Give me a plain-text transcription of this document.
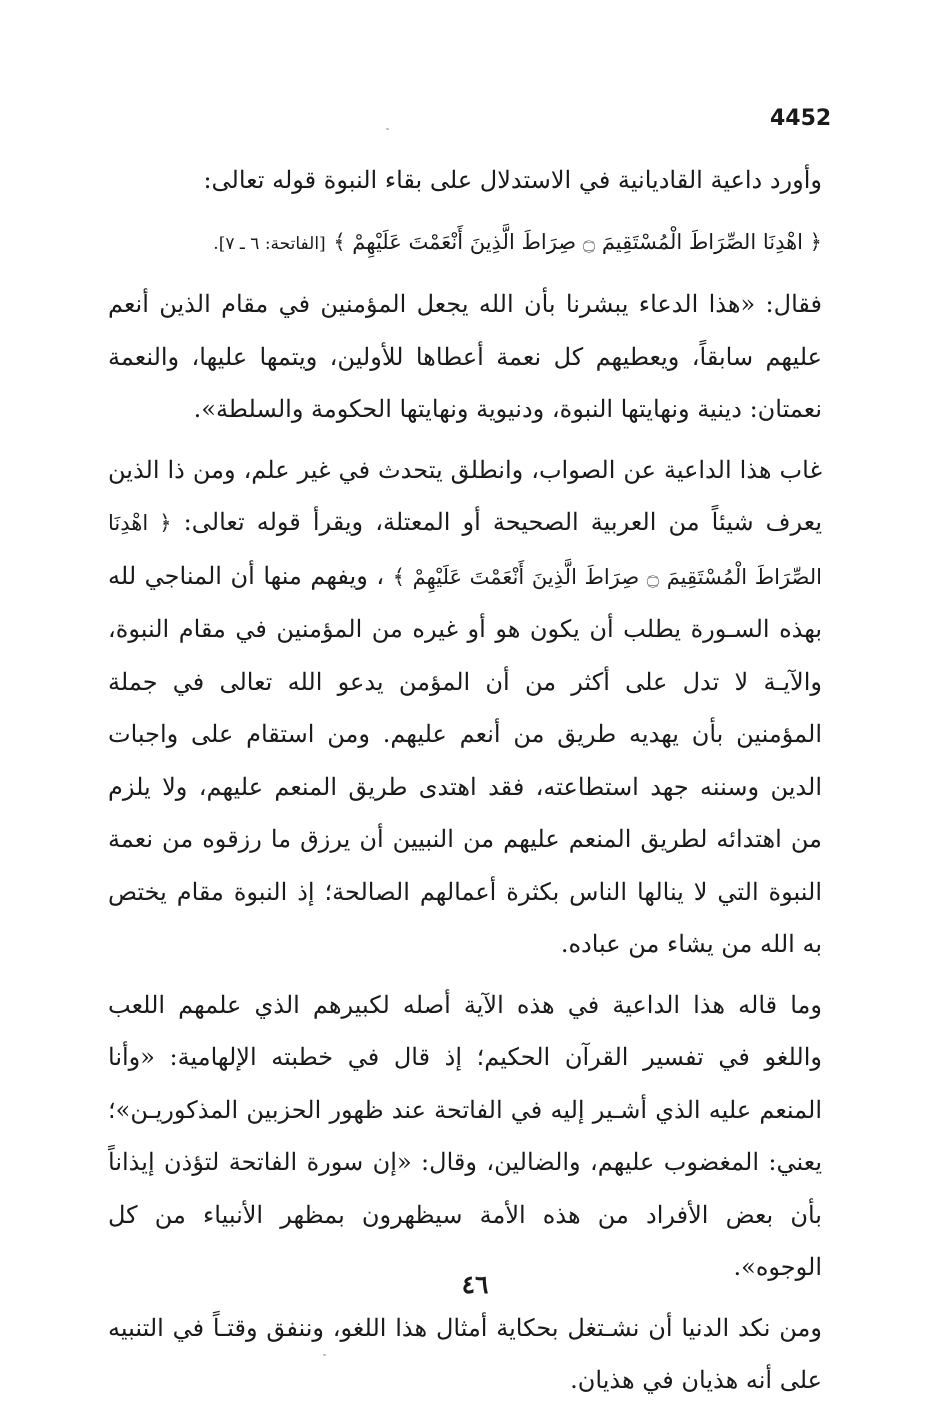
4452

وأورد داعية القاديانية في الاستدلال على بقاء النبوة قوله تعالى:

﴿ اهْدِنَا الصِّرَاطَ الْمُسْتَقِيمَ ۝ صِرَاطَ الَّذِينَ أَنْعَمْتَ عَلَيْهِمْ ﴾ [الفاتحة: ٦ ـ ٧].

فقال: «هذا الدعاء يبشرنا بأن الله يجعل المؤمنين في مقام الذين أنعم عليهم سابقاً، ويعطيهم كل نعمة أعطاها للأولين، ويتمها عليها، والنعمة نعمتان: دينية ونهايتها النبوة، ودنيوية ونهايتها الحكومة والسلطة».

غاب هذا الداعية عن الصواب، وانطلق يتحدث في غير علم، ومن ذا الذين يعرف شيئاً من العربية الصحيحة أو المعتلة، ويقرأ قوله تعالى: ﴿ اهْدِنَا الصِّرَاطَ الْمُسْتَقِيمَ ۝ صِرَاطَ الَّذِينَ أَنْعَمْتَ عَلَيْهِمْ ﴾ ، ويفهم منها أن المناجي لله بهذه السـورة يطلب أن يكون هو أو غيره من المؤمنين في مقام النبوة، والآيـة لا تدل على أكثر من أن المؤمن يدعو الله تعالى في جملة المؤمنين بأن يهديه طريق من أنعم عليهم. ومن استقام على واجبات الدين وسننه جهد استطاعته، فقد اهتدى طريق المنعم عليهم، ولا يلزم من اهتدائه لطريق المنعم عليهم من النبيين أن يرزق ما رزقوه من نعمة النبوة التي لا ينالها الناس بكثرة أعمالهم الصالحة؛ إذ النبوة مقام يختص به الله من يشاء من عباده.

وما قاله هذا الداعية في هذه الآية أصله لكبيرهم الذي علمهم اللعب واللغو في تفسير القرآن الحكيم؛ إذ قال في خطبته الإلهامية: «وأنا المنعم عليه الذي أشـير إليه في الفاتحة عند ظهور الحزبين المذكوريـن»؛ يعني: المغضوب عليهم، والضالين، وقال: «إن سورة الفاتحة لتؤذن إيذاناً بأن بعض الأفراد من هذه الأمة سيظهرون بمظهر الأنبياء من كل الوجوه».

ومن نكد الدنيا أن نشـتغل بحكاية أمثال هذا اللغو، وننفق وقتـاً في التنبيه على أنه هذيان في هذيان.

٤٦
